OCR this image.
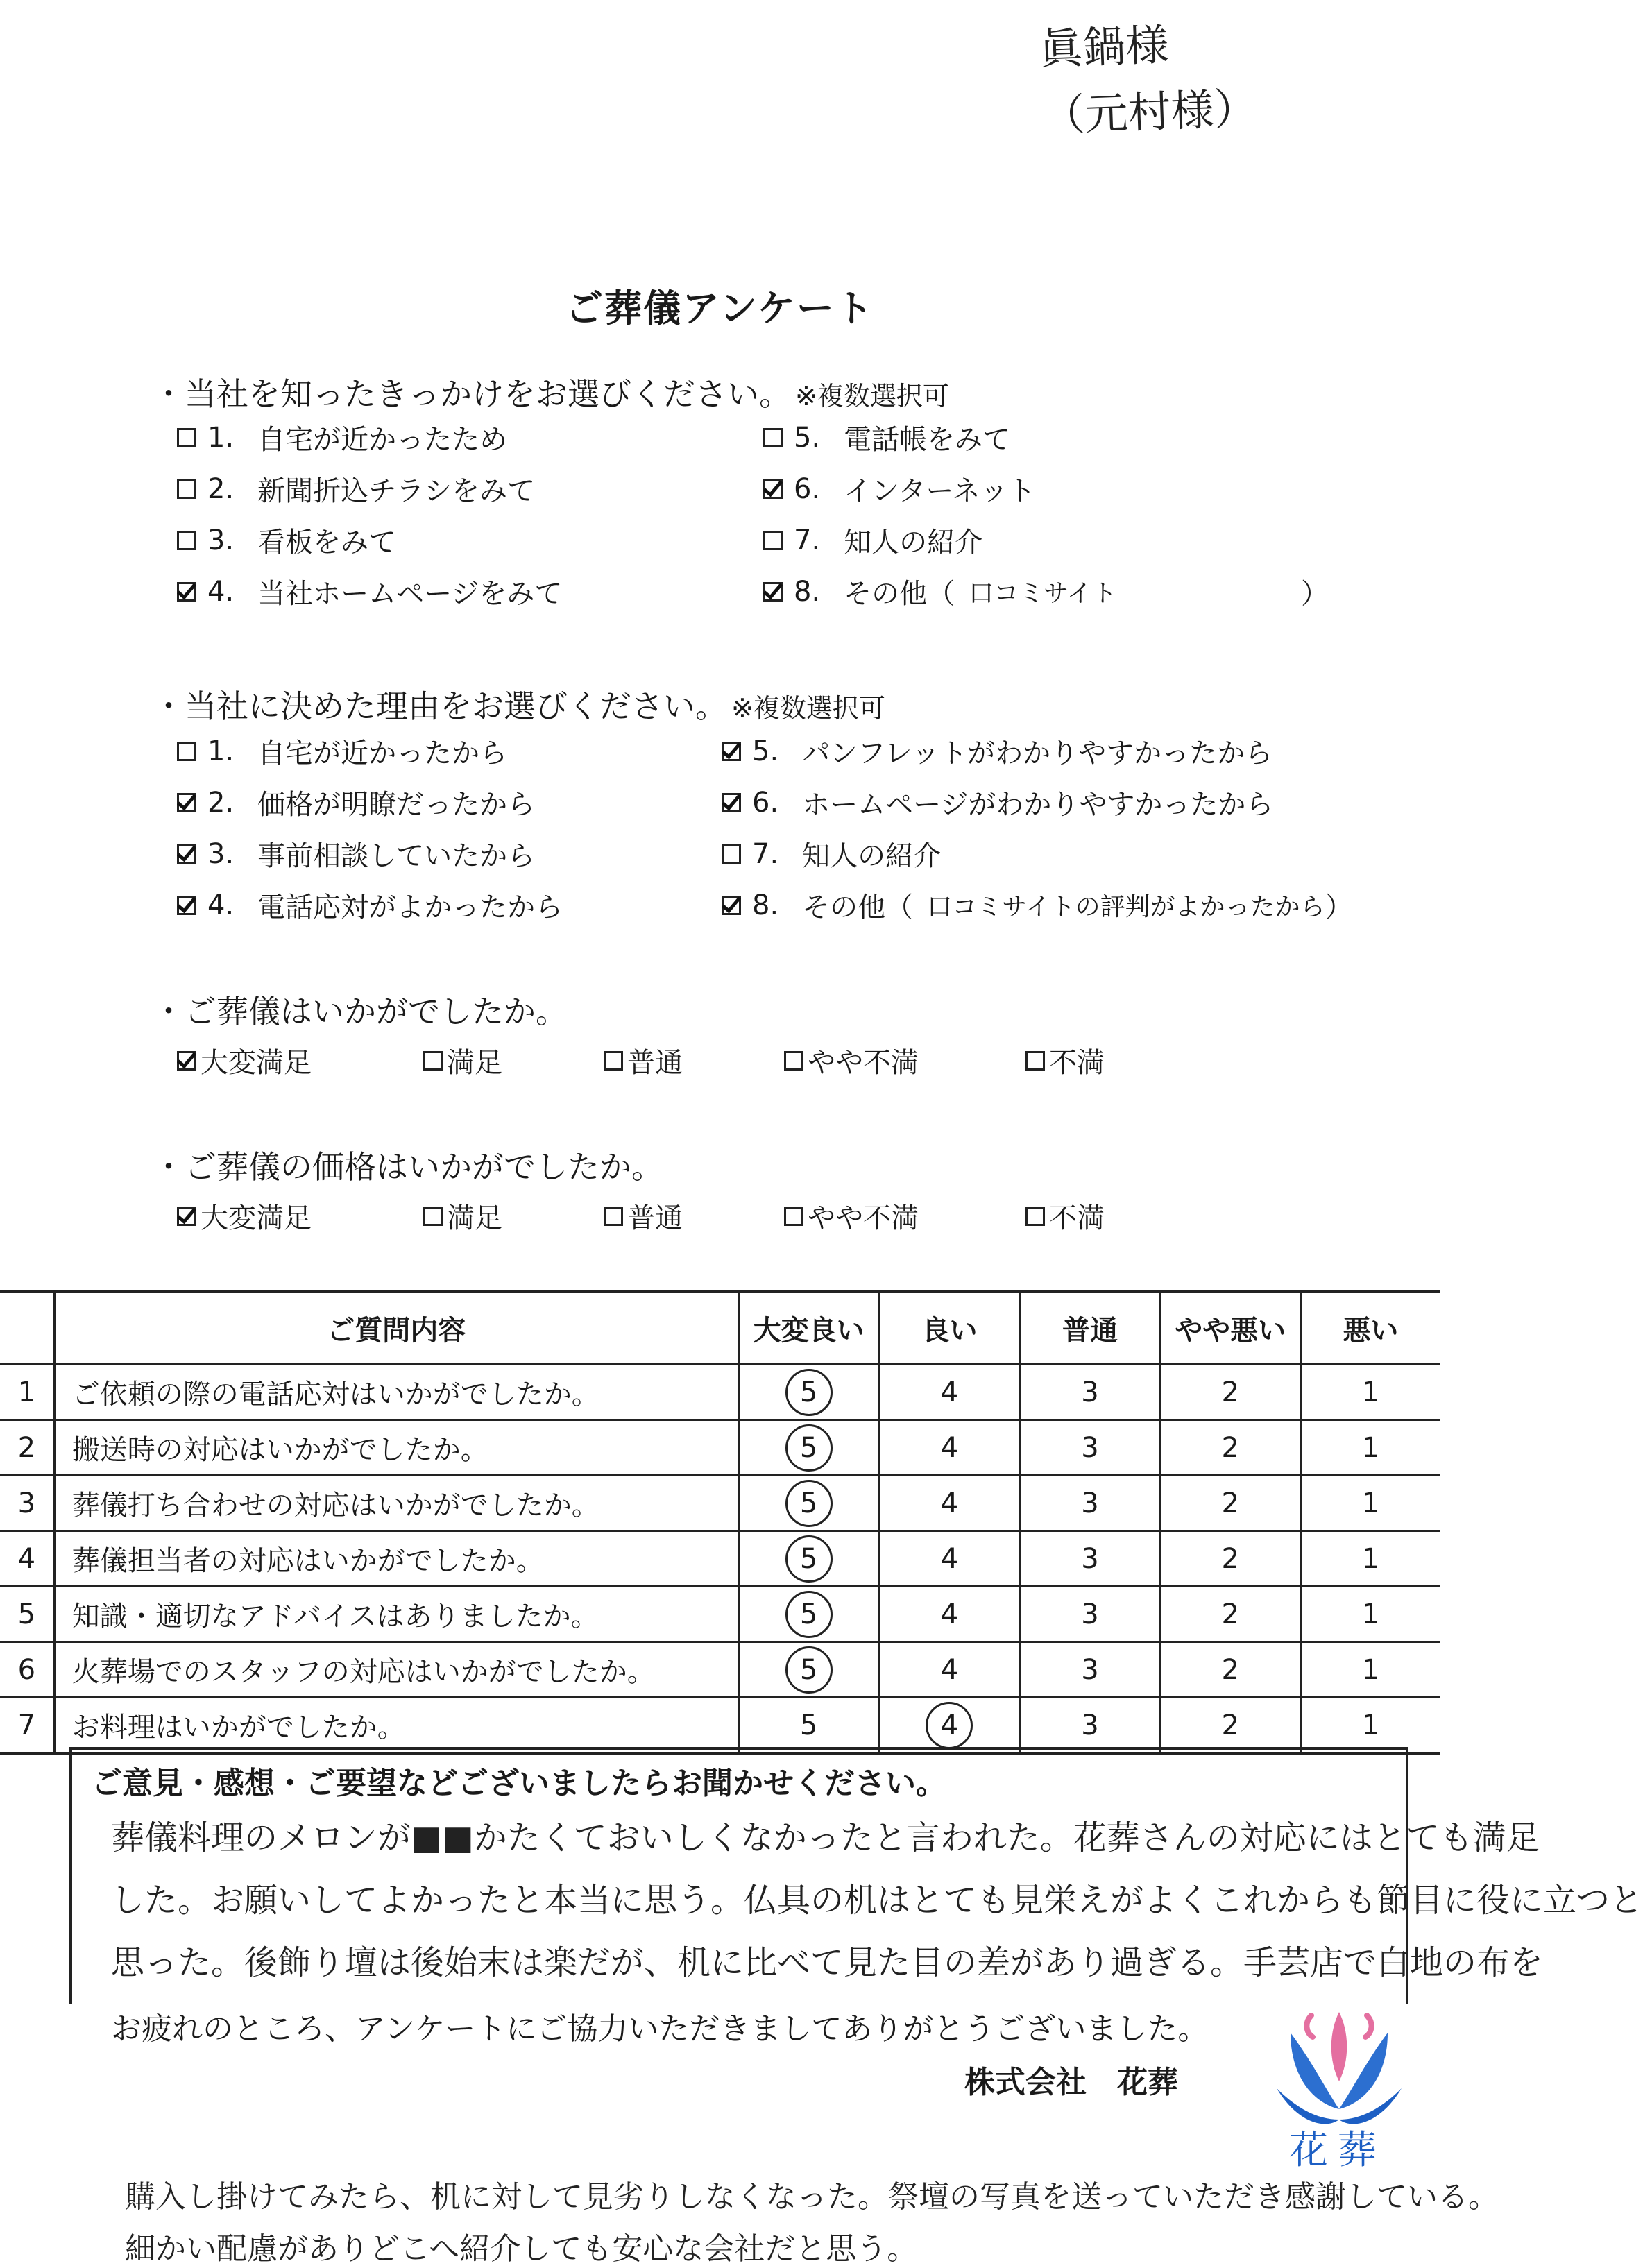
眞鍋様
（元村様）
ご葬儀アンケート
・当社を知ったきっかけをお選びください。 ※複数選択可
1. 自宅が近かったため
2. 新聞折込チラシをみて
3. 看板をみて
4. 当社ホームページをみて
5. 電話帳をみて
6. インターネット
7. 知人の紹介
8. その他（ 口コミサイト	）
・当社に決めた理由をお選びください。 ※複数選択可
1. 自宅が近かったから
2. 価格が明瞭だったから
3. 事前相談していたから
4. 電話応対がよかったから
5. パンフレットがわかりやすかったから
6. ホームページがわかりやすかったから
7. 知人の紹介
8. その他（ 口コミサイトの評判がよかったから ）
・ご葬儀はいかがでしたか。
大変満足	満足	普通	やや不満	不満
・ご葬儀の価格はいかがでしたか。
大変満足	満足	普通	やや不満	不満
	ご質問内容	大変良い	良い	普通	やや悪い	悪い
1	ご依頼の際の電話応対はいかがでしたか。	5	4	3	2	1
2	搬送時の対応はいかがでしたか。	5	4	3	2	1
3	葬儀打ち合わせの対応はいかがでしたか。	5	4	3	2	1
4	葬儀担当者の対応はいかがでしたか。	5	4	3	2	1
5	知識・適切なアドバイスはありましたか。	5	4	3	2	1
6	火葬場でのスタッフの対応はいかがでしたか。	5	4	3	2	1
7	お料理はいかがでしたか。	5	4	3	2	1
ご意見・感想・ご要望などございましたらお聞かせください。
葬儀料理のメロンが■■かたくておいしくなかったと言われた。花葬さんの対応にはとても満足
した。お願いしてよかったと本当に思う。仏具の机はとても見栄えがよくこれからも節目に役に立つと
思った。後飾り壇は後始末は楽だが、机に比べて見た目の差があり過ぎる。手芸店で白地の布を
お疲れのところ、アンケートにご協力いただきましてありがとうございました。
株式会社　花葬
花葬
購入し掛けてみたら、机に対して見劣りしなくなった。祭壇の写真を送っていただき感謝している。
細かい配慮がありどこへ紹介しても安心な会社だと思う。
